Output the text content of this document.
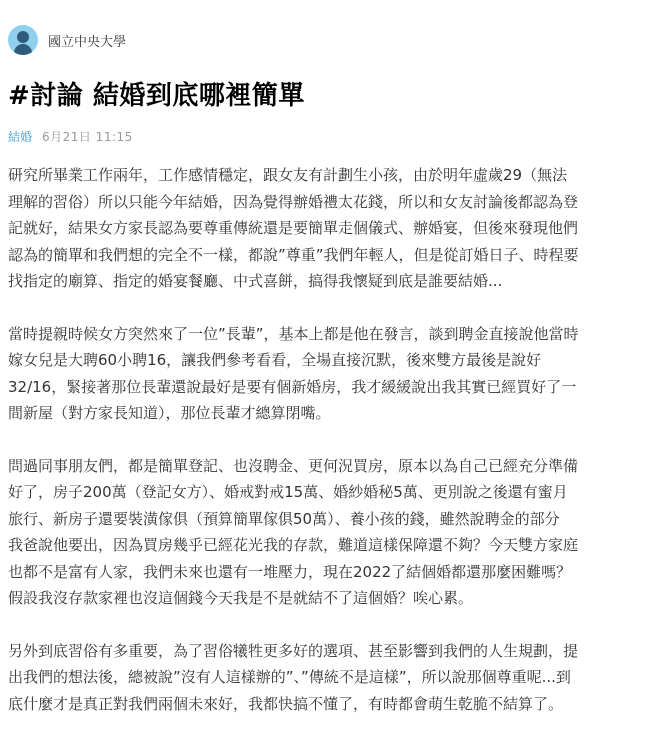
國立中央大學
#討論 結婚到底哪裡簡單
結婚 6月21日 11:15
研究所畢業工作兩年，工作感情穩定，跟女友有計劃生小孩，由於明年虛歲29（無法
理解的習俗）所以只能今年結婚，因為覺得辦婚禮太花錢，所以和女友討論後都認為登
記就好，結果女方家長認為要尊重傳統還是要簡單走個儀式、辦婚宴，但後來發現他們
認為的簡單和我們想的完全不一樣，都說”尊重”我們年輕人，但是從訂婚日子、時程要
找指定的廟算、指定的婚宴餐廳、中式喜餅，搞得我懷疑到底是誰要結婚...
當時提親時候女方突然來了一位”長輩”，基本上都是他在發言，談到聘金直接說他當時
嫁女兒是大聘60小聘16，讓我們參考看看，全場直接沉默，後來雙方最後是說好
32/16，緊接著那位長輩還說最好是要有個新婚房，我才緩緩說出我其實已經買好了一
間新屋（對方家長知道），那位長輩才總算閉嘴。
問過同事朋友們，都是簡單登記、也沒聘金、更何況買房，原本以為自己已經充分準備
好了，房子200萬（登記女方）、婚戒對戒15萬、婚紗婚秘5萬、更別說之後還有蜜月
旅行、新房子還要裝潢傢俱（預算簡單傢俱50萬）、養小孩的錢，雖然說聘金的部分
我爸說他要出，因為買房幾乎已經花光我的存款，難道這樣保障還不夠？今天雙方家庭
也都不是富有人家，我們未來也還有一堆壓力，現在2022了結個婚都還那麼困難嗎？
假設我沒存款家裡也沒這個錢今天我是不是就結不了這個婚？唉心累。
另外到底習俗有多重要，為了習俗犧牲更多好的選項、甚至影響到我們的人生規劃，提
出我們的想法後，總被說”沒有人這樣辦的”、”傳統不是這樣”，所以說那個尊重呢...到
底什麼才是真正對我們兩個未來好，我都快搞不懂了，有時都會萌生乾脆不結算了。
